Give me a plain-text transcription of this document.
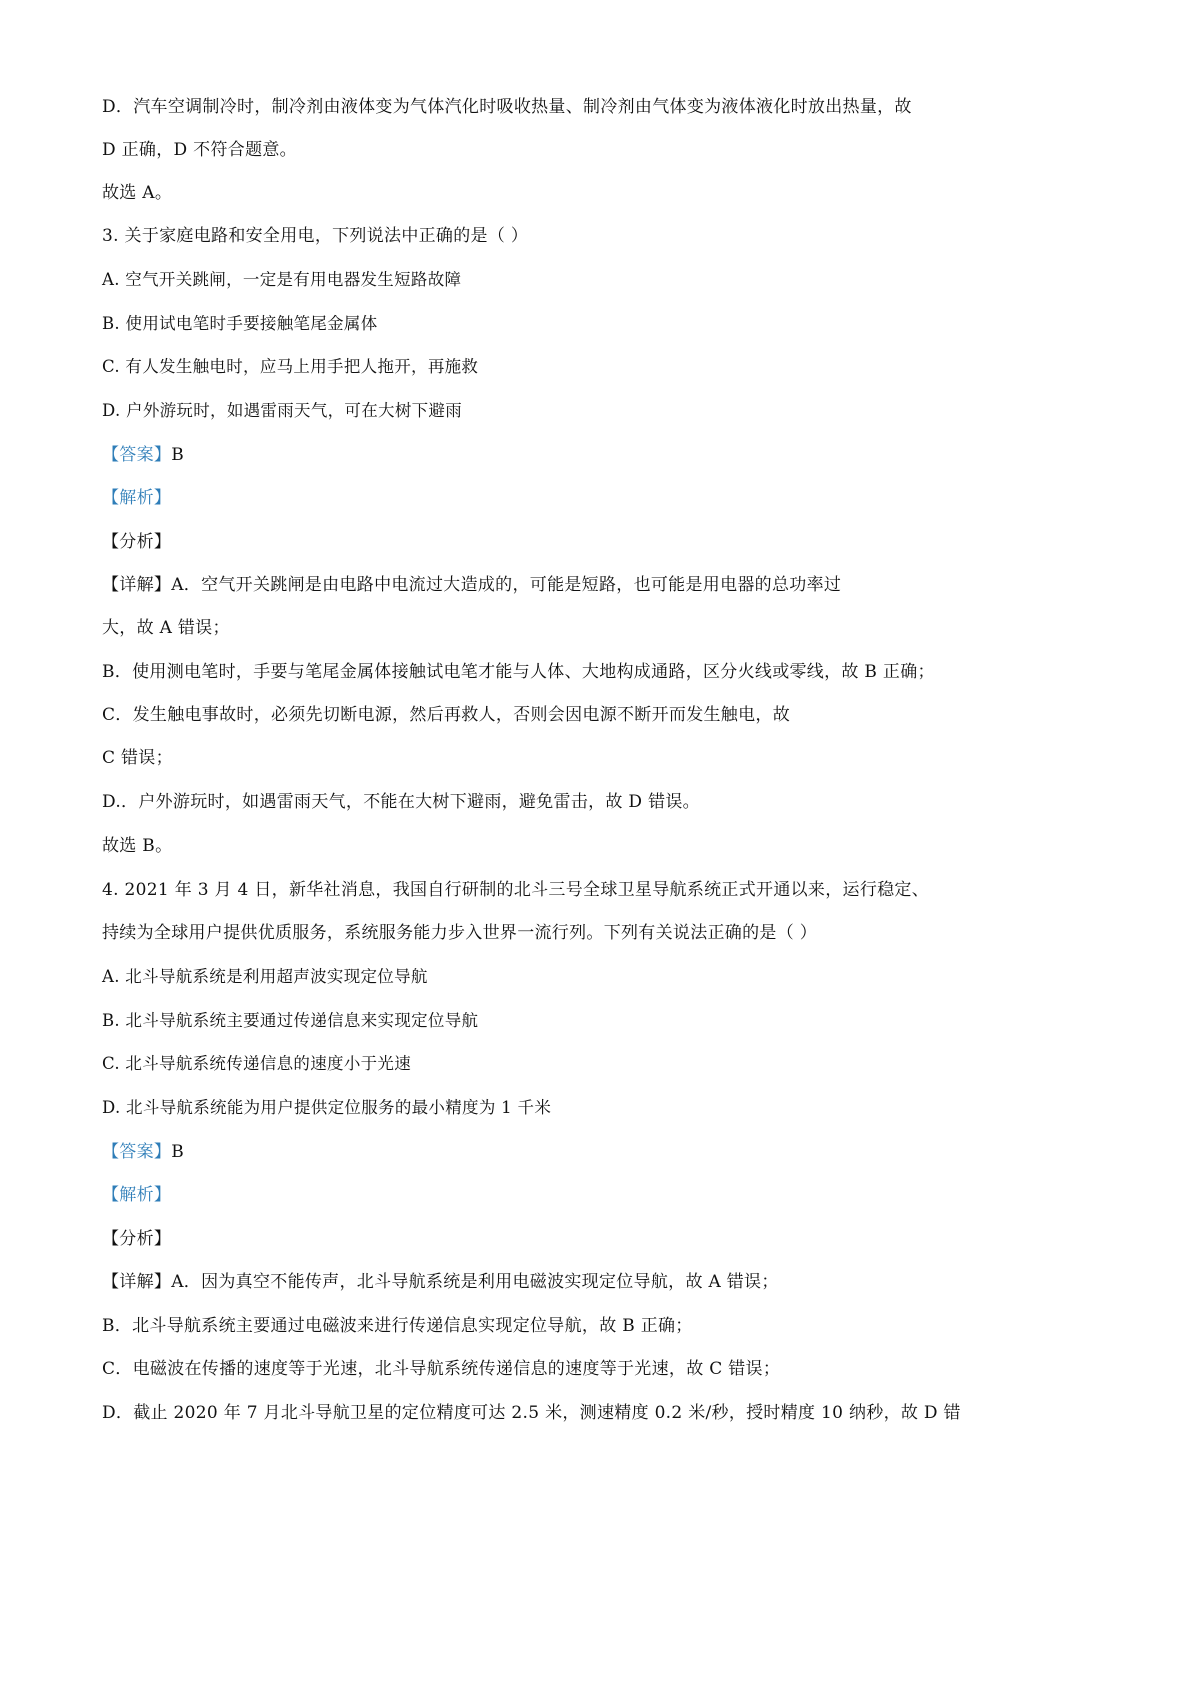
D．汽车空调制冷时，制冷剂由液体变为气体汽化时吸收热量、制冷剂由气体变为液体液化时放出热量，故
D 正确，D 不符合题意。
故选 A。
3. 关于家庭电路和安全用电，下列说法中正确的是（ ）
A. 空气开关跳闸，一定是有用电器发生短路故障
B. 使用试电笔时手要接触笔尾金属体
C. 有人发生触电时，应马上用手把人拖开，再施救
D. 户外游玩时，如遇雷雨天气，可在大树下避雨
【答案】B
【解析】
【分析】
【详解】A．空气开关跳闸是由电路中电流过大造成的，可能是短路，也可能是用电器的总功率过
大，故 A 错误；
B．使用测电笔时，手要与笔尾金属体接触试电笔才能与人体、大地构成通路，区分火线或零线，故 B 正确；
C．发生触电事故时，必须先切断电源，然后再救人，否则会因电源不断开而发生触电，故
C 错误；
D.．户外游玩时，如遇雷雨天气，不能在大树下避雨，避免雷击，故 D 错误。
故选 B。
4. 2021 年 3 月 4 日，新华社消息，我国自行研制的北斗三号全球卫星导航系统正式开通以来，运行稳定、
持续为全球用户提供优质服务，系统服务能力步入世界一流行列。下列有关说法正确的是（ ）
A. 北斗导航系统是利用超声波实现定位导航
B. 北斗导航系统主要通过传递信息来实现定位导航
C. 北斗导航系统传递信息的速度小于光速
D. 北斗导航系统能为用户提供定位服务的最小精度为 1 千米
【答案】B
【解析】
【分析】
【详解】A．因为真空不能传声，北斗导航系统是利用电磁波实现定位导航，故 A 错误；
B．北斗导航系统主要通过电磁波来进行传递信息实现定位导航，故 B 正确；
C．电磁波在传播的速度等于光速，北斗导航系统传递信息的速度等于光速，故 C 错误；
D．截止 2020 年 7 月北斗导航卫星的定位精度可达 2.5 米，测速精度 0.2 米/秒，授时精度 10 纳秒，故 D 错
